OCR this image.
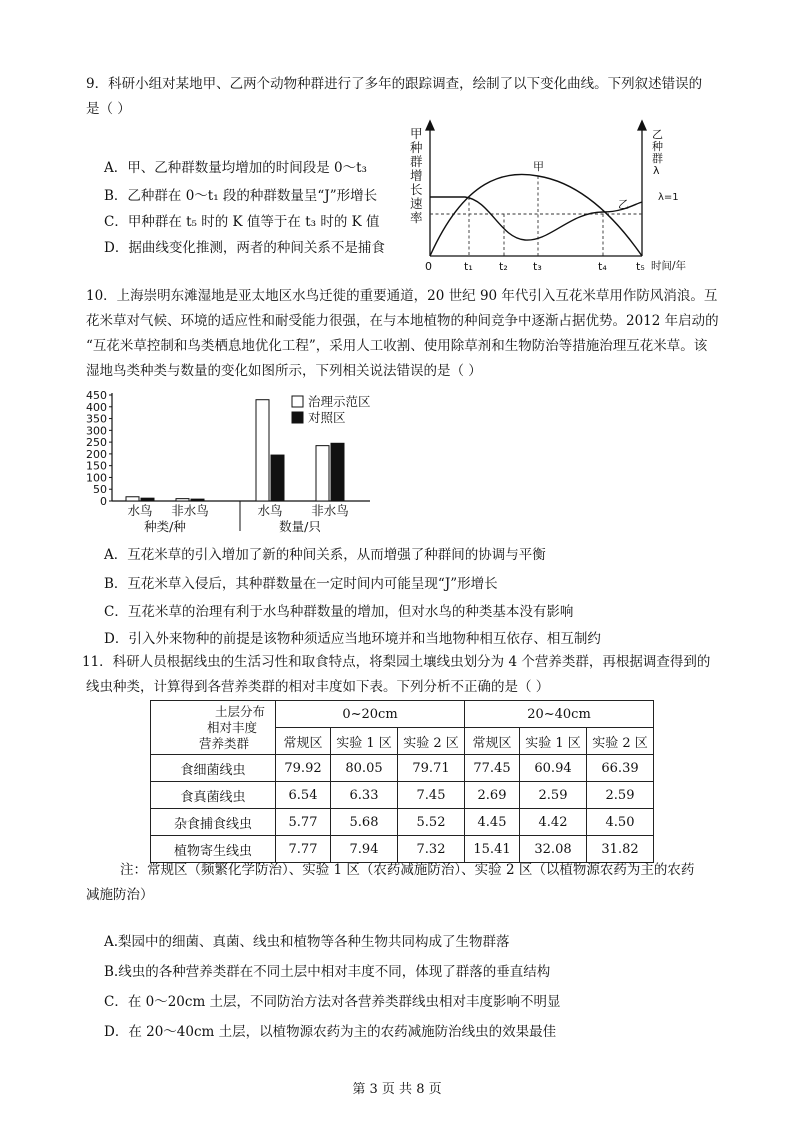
9．科研小组对某地甲、乙两个动物种群进行了多年的跟踪调查，绘制了以下变化曲线。下列叙述错误的
是（ ）
A．甲、乙种群数量均增加的时间段是 0～t₃
B．乙种群在 0～t₁ 段的种群数量呈“J”形增长
C．甲种群在 t₅ 时的 K 值等于在 t₃ 时的 K 值
D．据曲线变化推测，两者的种间关系不是捕食
甲
种
群
增
长
速
率
乙
种
群
λ
λ=1
甲
乙
0	t₁ t₂ t₃	t₄	t₅ 时间/年
10．上海崇明东滩湿地是亚太地区水鸟迁徙的重要通道，20 世纪 90 年代引入互花米草用作防风消浪。互
花米草对气候、环境的适应性和耐受能力很强，在与本地植物的种间竞争中逐渐占据优势。2012 年启动的
“互花米草控制和鸟类栖息地优化工程”，采用人工收割、使用除草剂和生物防治等措施治理互花米草。该
湿地鸟类种类与数量的变化如图所示，下列相关说法错误的是（ ）
0
50
100
150
200
250
300
350
400
450
水鸟 非水鸟	水鸟 非水鸟
种类/种	数量/只
治理示范区
对照区
A．互花米草的引入增加了新的种间关系，从而增强了种群间的协调与平衡
B．互花米草入侵后，其种群数量在一定时间内可能呈现“J”形增长
C．互花米草的治理有利于水鸟种群数量的增加，但对水鸟的种类基本没有影响
D．引入外来物种的前提是该物种须适应当地环境并和当地物种相互依存、相互制约
11．科研人员根据线虫的生活习性和取食特点，将梨园土壤线虫划分为 4 个营养类群，再根据调查得到的
线虫种类，计算得到各营养类群的相对丰度如下表。下列分析不正确的是（ ）
土层分布
相对丰度
营养类群	0~20cm			20~40cm		
	常规区	实验 1 区	实验 2 区	常规区	实验 1 区	实验 2 区
食细菌线虫	79.92	80.05	79.71	77.45	60.94	66.39
食真菌线虫	6.54	6.33	7.45	2.69	2.59	2.59
杂食捕食线虫	5.77	5.68	5.52	4.45	4.42	4.50
植物寄生线虫	7.77	7.94	7.32	15.41	32.08	31.82
注：常规区（频繁化学防治）、实验 1 区（农药减施防治）、实验 2 区（以植物源农药为主的农药
减施防治）
A.梨园中的细菌、真菌、线虫和植物等各种生物共同构成了生物群落
B.线虫的各种营养类群在不同土层中相对丰度不同，体现了群落的垂直结构
C．在 0～20cm 土层，不同防治方法对各营养类群线虫相对丰度影响不明显
D．在 20～40cm 土层，以植物源农药为主的农药减施防治线虫的效果最佳
第 3 页 共 8 页
